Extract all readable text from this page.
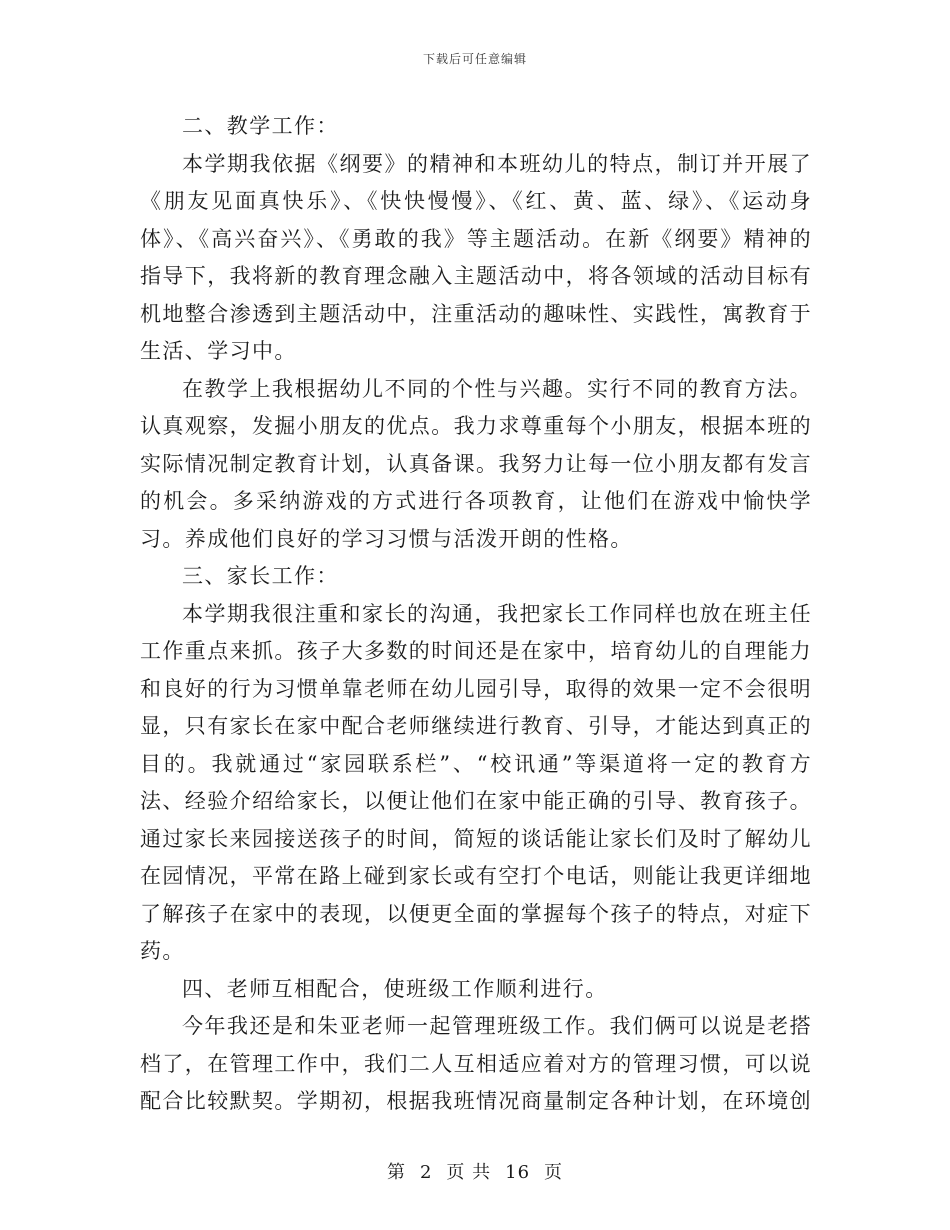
下载后可任意编辑

二、教学工作：

本学期我依据《纲要》的精神和本班幼儿的特点，制订并开展了《朋友见面真快乐》、《快快慢慢》、《红、黄、蓝、绿》、《运动身体》、《高兴奋兴》、《勇敢的我》等主题活动。在新《纲要》精神的指导下，我将新的教育理念融入主题活动中，将各领域的活动目标有机地整合渗透到主题活动中，注重活动的趣味性、实践性，寓教育于生活、学习中。

在教学上我根据幼儿不同的个性与兴趣。实行不同的教育方法。认真观察，发掘小朋友的优点。我力求尊重每个小朋友，根据本班的实际情况制定教育计划，认真备课。我努力让每一位小朋友都有发言的机会。多采纳游戏的方式进行各项教育，让他们在游戏中愉快学习。养成他们良好的学习习惯与活泼开朗的性格。

三、家长工作：

本学期我很注重和家长的沟通，我把家长工作同样也放在班主任工作重点来抓。孩子大多数的时间还是在家中，培育幼儿的自理能力和良好的行为习惯单靠老师在幼儿园引导，取得的效果一定不会很明显，只有家长在家中配合老师继续进行教育、引导，才能达到真正的目的。我就通过“家园联系栏”、“校讯通”等渠道将一定的教育方法、经验介绍给家长，以便让他们在家中能正确的引导、教育孩子。通过家长来园接送孩子的时间，简短的谈话能让家长们及时了解幼儿在园情况，平常在路上碰到家长或有空打个电话，则能让我更详细地了解孩子在家中的表现，以便更全面的掌握每个孩子的特点，对症下药。

四、老师互相配合，使班级工作顺利进行。

今年我还是和朱亚老师一起管理班级工作。我们俩可以说是老搭档了，在管理工作中，我们二人互相适应着对方的管理习惯，可以说配合比较默契。学期初，根据我班情况商量制定各种计划，在环境创

第 2 页 共 16 页
